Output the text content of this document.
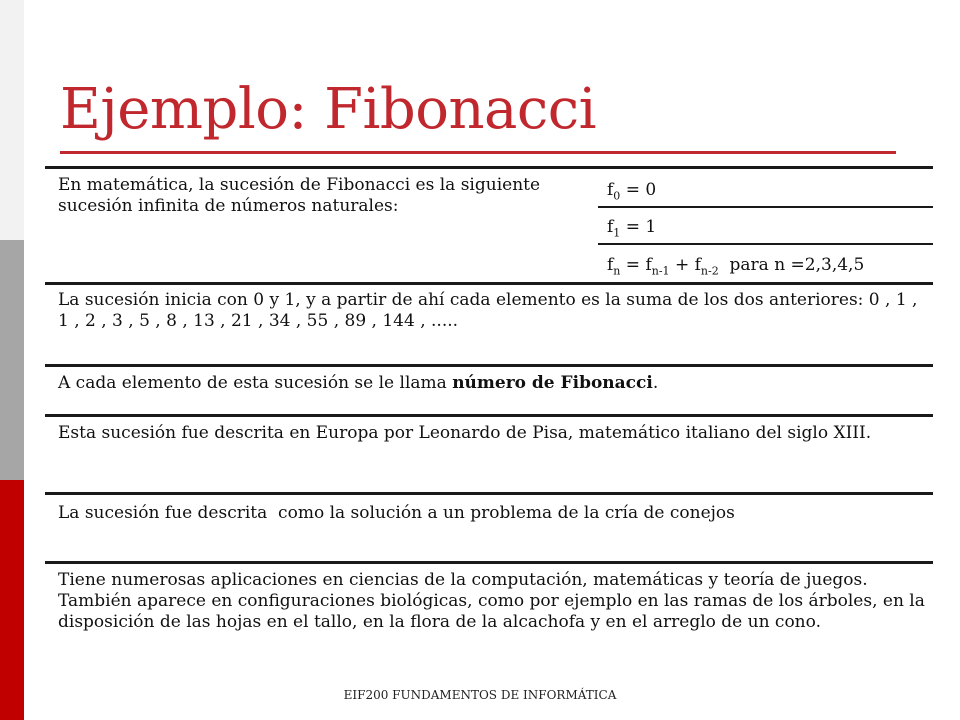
Ejemplo: Fibonacci
En matemática, la sucesión de Fibonacci es la siguiente sucesión infinita de números naturales:
$f_0 = 0$
$f_1 = 1$
$f_n = f_{n-1} + f_{n-2}$  para n =2,3,4,5
La sucesión inicia con 0 y 1, y a partir de ahí cada elemento es la suma de los dos anteriores: 0 , 1 , 1 , 2 , 3 , 5 , 8 , 13 , 21 , 34 , 55 , 89 , 144 , .....
A cada elemento de esta sucesión se le llama número de Fibonacci.
Esta sucesión fue descrita en Europa por Leonardo de Pisa, matemático italiano del siglo XIII.
La sucesión fue descrita  como la solución a un problema de la cría de conejos
Tiene numerosas aplicaciones en ciencias de la computación, matemáticas y teoría de juegos. También aparece en configuraciones biológicas, como por ejemplo en las ramas de los árboles, en la disposición de las hojas en el tallo, en la flora de la alcachofa y en el arreglo de un cono.
EIF200 FUNDAMENTOS DE INFORMÁTICA
